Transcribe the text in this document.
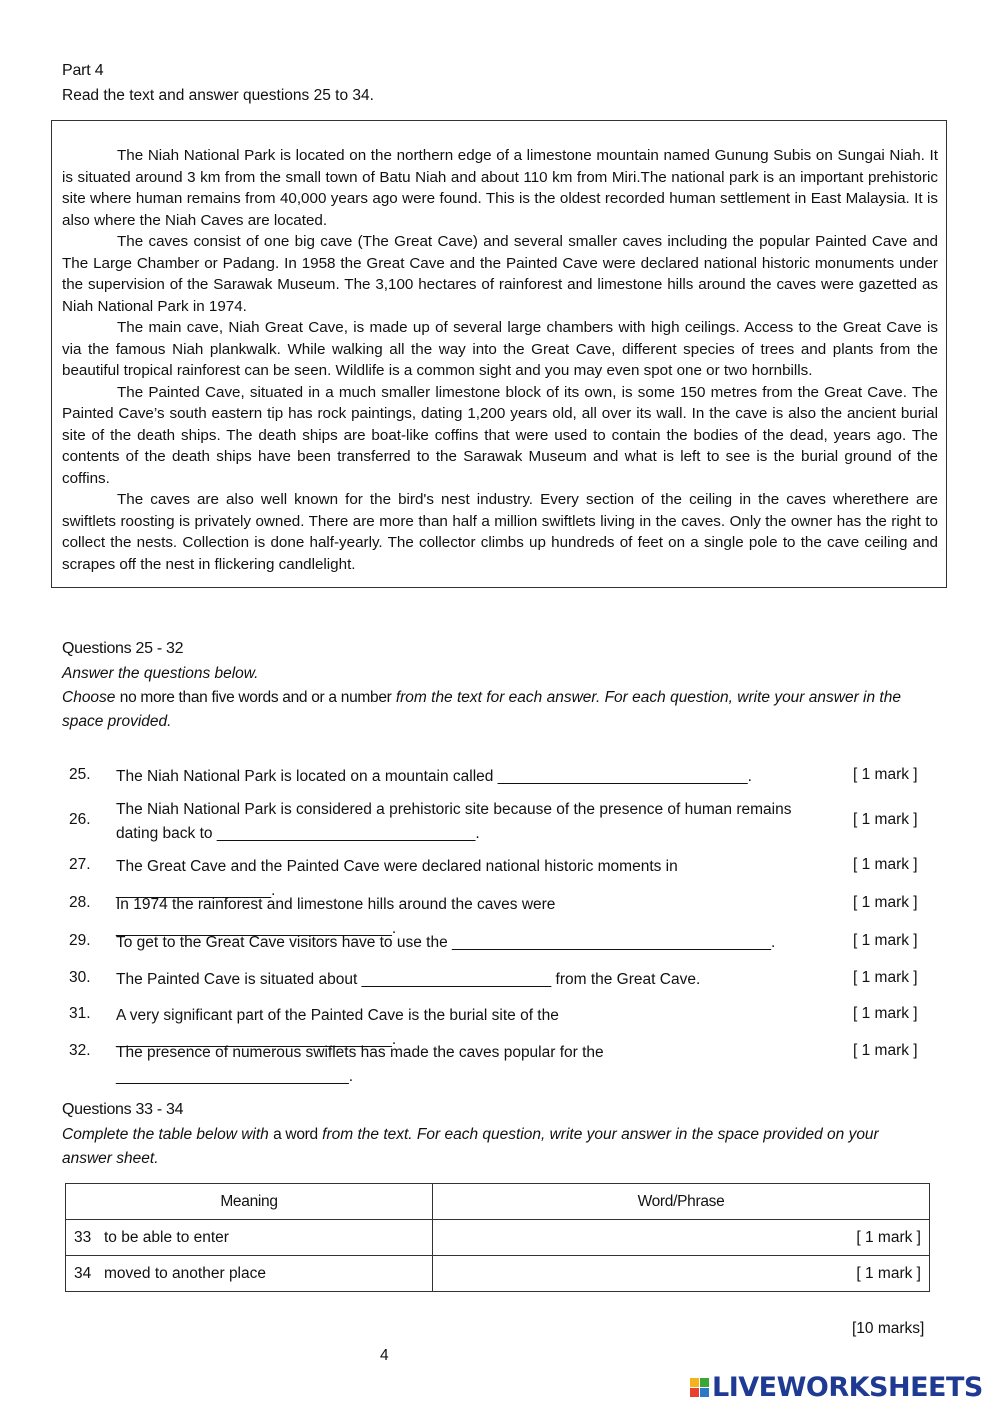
Part 4
Read the text and answer questions 25 to 34.

The Niah National Park is located on the northern edge of a limestone mountain named Gunung Subis on Sungai Niah. It is situated around 3 km from the small town of Batu Niah and about 110 km from Miri.The national park is an important prehistoric site where human remains from 40,000 years ago were found. This is the oldest recorded human settlement in East Malaysia. It is also where the Niah Caves are located.

The caves consist of one big cave (The Great Cave) and several smaller caves including the popular Painted Cave and The Large Chamber or Padang. In 1958 the Great Cave and the Painted Cave were declared national historic monuments under the supervision of the Sarawak Museum. The 3,100 hectares of rainforest and limestone hills around the caves were gazetted as Niah National Park in 1974.

The main cave, Niah Great Cave, is made up of several large chambers with high ceilings. Access to the Great Cave is via the famous Niah plankwalk. While walking all the way into the Great Cave, different species of trees and plants from the beautiful tropical rainforest can be seen. Wildlife is a common sight and you may even spot one or two hornbills.

The Painted Cave, situated in a much smaller limestone block of its own, is some 150 metres from the Great Cave. The Painted Cave’s south eastern tip has rock paintings, dating 1,200 years old, all over its wall. In the cave is also the ancient burial site of the death ships. The death ships are boat-like coffins that were used to contain the bodies of the dead, years ago. The contents of the death ships have been transferred to the Sarawak Museum and what is left to see is the burial ground of the coffins.

The caves are also well known for the bird's nest industry. Every section of the ceiling in the caves wherethere are swiftlets roosting is privately owned. There are more than half a million swiftlets living in the caves. Only the owner has the right to collect the nests. Collection is done half-yearly. The collector climbs up hundreds of feet on a single pole to the cave ceiling and scrapes off the nest in flickering candlelight.

Questions 25 - 32
Answer the questions below.
Choose no more than five words and or a number from the text for each answer. For each question, write your answer in the space provided.
25. The Niah National Park is located on a mountain called _____________________________.	[ 1 mark ]
26.
The Niah National Park is considered a prehistoric site because of the presence of human remains dating back to ______________________________.
[ 1 mark ]
27. The Great Cave and the Painted Cave were declared national historic moments in __________________.
[ 1 mark ]
28. In 1974 the rainforest and limestone hills around the caves were ________________________________.
[ 1 mark ]
29. To get to the Great Cave visitors have to use the _____________________________________.	[ 1 mark ]
30. The Painted Cave is situated about ______________________ from the Great Cave.	[ 1 mark ]
31. A very significant part of the Painted Cave is the burial site of the ________________________________.
[ 1 mark ]
32. The presence of numerous swiflets has made the caves popular for the ___________________________.
[ 1 mark ]
Questions 33 - 34
Complete the table below with a word from the text. For each question, write your answer in the space provided on your answer sheet.
Meaning	Word/Phrase
33 to be able to enter	[ 1 mark ]
34 moved to another place	[ 1 mark ]
[10 marks]
4
LIVEWORKSHEETS
